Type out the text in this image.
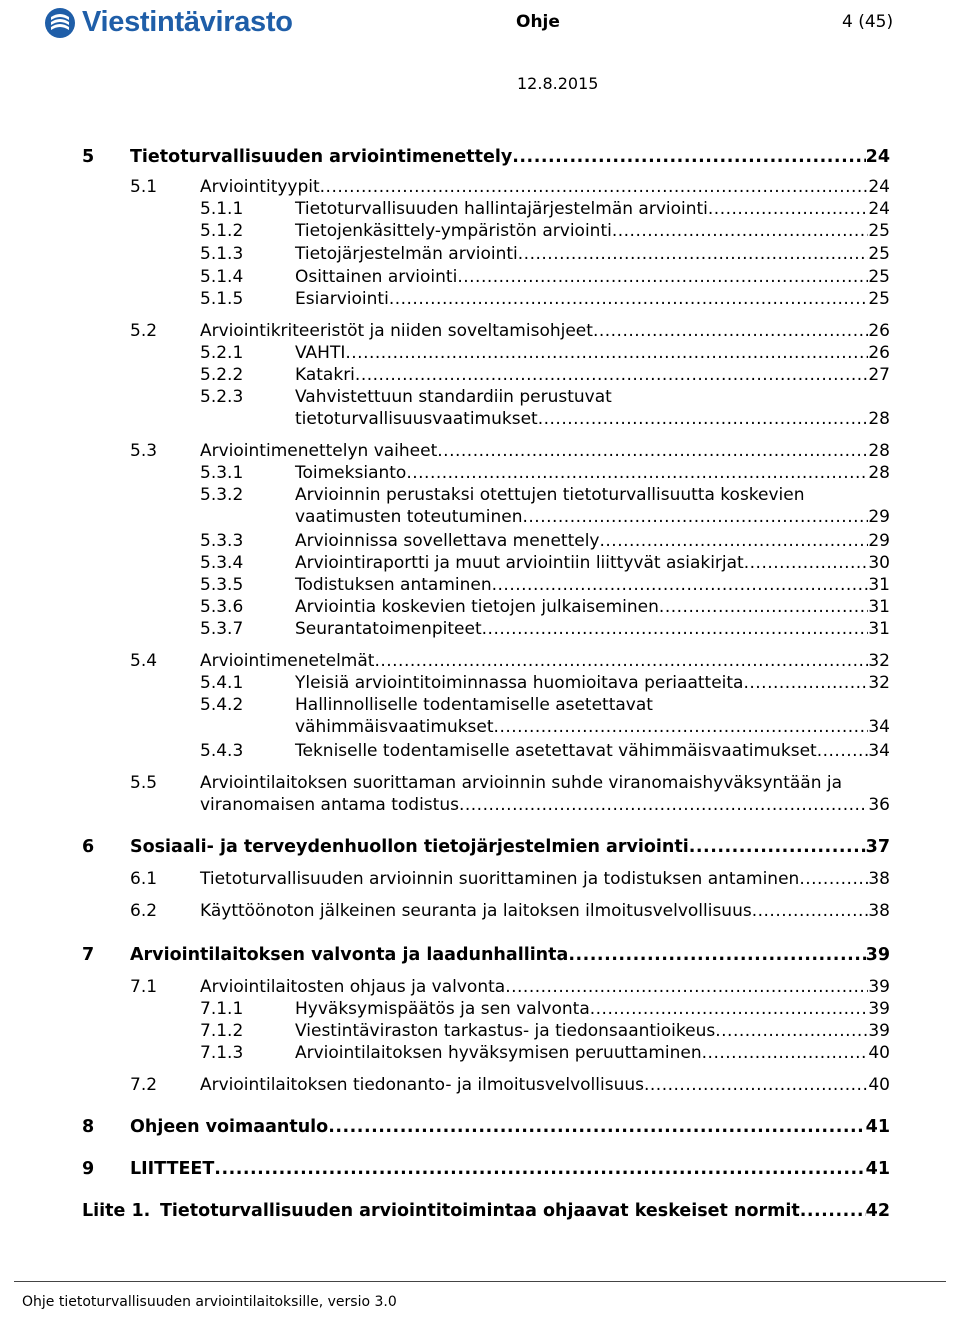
Viestintävirasto	Ohje	4 (45)
12.8.2015
5 Tietoturvallisuuden arviointimenettely .....	24
5.1	Arviointityypit .....	24
5.1.1	Tietoturvallisuuden hallintajärjestelmän arviointi .....	24
5.1.2	Tietojenkäsittely-ympäristön arviointi .....	25
5.1.3	Tietojärjestelmän arviointi .....	25
5.1.4	Osittainen arviointi .....	25
5.1.5	Esiarviointi .....	25
5.2	Arviointikriteeristöt ja niiden soveltamisohjeet .....	26
5.2.1	VAHTI .....	26
5.2.2	Katakri .....	27
5.2.3	Vahvistettuun standardiin perustuvat
tietoturvallisuusvaatimukset .....	28
5.3	Arviointimenettelyn vaiheet .....	28
5.3.1	Toimeksianto .....	28
5.3.2	Arvioinnin perustaksi otettujen tietoturvallisuutta koskevien
vaatimusten toteutuminen .....	29
5.3.3	Arvioinnissa sovellettava menettely .....	29
5.3.4	Arviointiraportti ja muut arviointiin liittyvät asiakirjat .....	30
5.3.5	Todistuksen antaminen .....	31
5.3.6	Arviointia koskevien tietojen julkaiseminen .....	31
5.3.7	Seurantatoimenpiteet .....	31
5.4	Arviointimenetelmät .....	32
5.4.1	Yleisiä arviointitoiminnassa huomioitava periaatteita .....	32
5.4.2	Hallinnolliselle todentamiselle asetettavat
vähimmäisvaatimukset .....	34
5.4.3	Tekniselle todentamiselle asetettavat vähimmäisvaatimukset .....	34
5.5	Arviointilaitoksen suorittaman arvioinnin suhde viranomaishyväksyntään ja
viranomaisen antama todistus .....	36
6 Sosiaali- ja terveydenhuollon tietojärjestelmien arviointi .....	37
6.1	Tietoturvallisuuden arvioinnin suorittaminen ja todistuksen antaminen .....	38
6.2	Käyttöönoton jälkeinen seuranta ja laitoksen ilmoitusvelvollisuus .....	38
7 Arviointilaitoksen valvonta ja laadunhallinta .....	39
7.1	Arviointilaitosten ohjaus ja valvonta .....	39
7.1.1	Hyväksymispäätös ja sen valvonta .....	39
7.1.2	Viestintäviraston tarkastus- ja tiedonsaantioikeus .....	39
7.1.3	Arviointilaitoksen hyväksymisen peruuttaminen .....	40
7.2	Arviointilaitoksen tiedonanto- ja ilmoitusvelvollisuus .....	40
8 Ohjeen voimaantulo .....	41
9 LIITTEET .....	41
Liite 1. Tietoturvallisuuden arviointitoimintaa ohjaavat keskeiset normit .....	42
Ohje tietoturvallisuuden arviointilaitoksille, versio 3.0
